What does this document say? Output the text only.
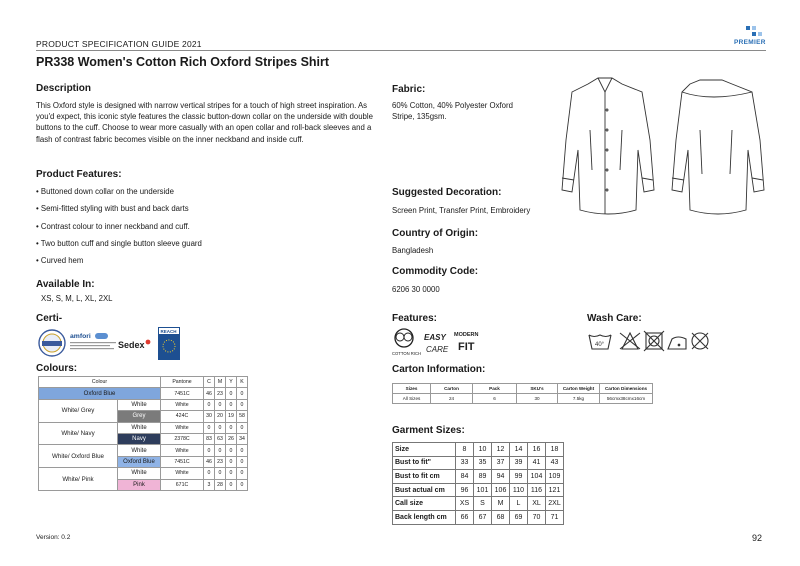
PRODUCT SPECIFICATION GUIDE 2021	PREMIER
PR338 Women's Cotton Rich Oxford Stripes Shirt
Description
This Oxford style is designed with narrow vertical stripes for a touch of high street inspiration. As you'd expect, this iconic style features the classic button-down collar on the underside with double buttons to the cuff. Choose to wear more casually with an open collar and roll-back sleeves and a flash of contrast fabric becomes visible on the inner neckband and inside cuff.
Product Features:
• Buttoned down collar on the underside
• Semi-fitted styling with bust and back darts
• Contrast colour to inner neckband and cuff.
• Two button cuff and single button sleeve guard
• Curved hem
Available In:
XS, S, M, L, XL, 2XL
Certi-
amfori
Sedex
REACH
Colours:
Colour		Pantone	C	M	Y	K
Oxford Blue		7451C	46	23	0	0
White/ Grey	White	White	0	0	0	0
	Grey	424C	30	20	19	58
White/ Navy	White	White	0	0	0	0
	Navy	2378C	83	63	26	34
White/ Oxford Blue	White	White	0	0	0	0
	Oxford Blue	7451C	46	23	0	0
White/ Pink	White	White	0	0	0	0
	Pink	671C	3	28	0	0
Fabric:
60% Cotton, 40% Polyester Oxford Stripe, 135gsm.
Suggested Decoration:
Screen Print, Transfer Print, Embroidery
Country of Origin:
Bangladesh
Commodity Code:
6206 30 0000
Features:
COTTON RICH
EASY
CARE
MODERN
FIT
Wash Care:
40°
Carton Information:
Sizes	Carton	Pack	SKU's	Carton Weight	Carton Dimensions
All Sizes	24	6	30	7.5kg	56cmx38cmx16cm
Garment Sizes:
Size	8	10	12	14	16	18
Bust to fit"	33	35	37	39	41	43
Bust to fit cm	84	89	94	99	104	109
Bust actual cm	96	101	106	110	116	121
Call size	XS	S	M	L	XL	2XL
Back length cm	66	67	68	69	70	71
Version: 0.2	92
